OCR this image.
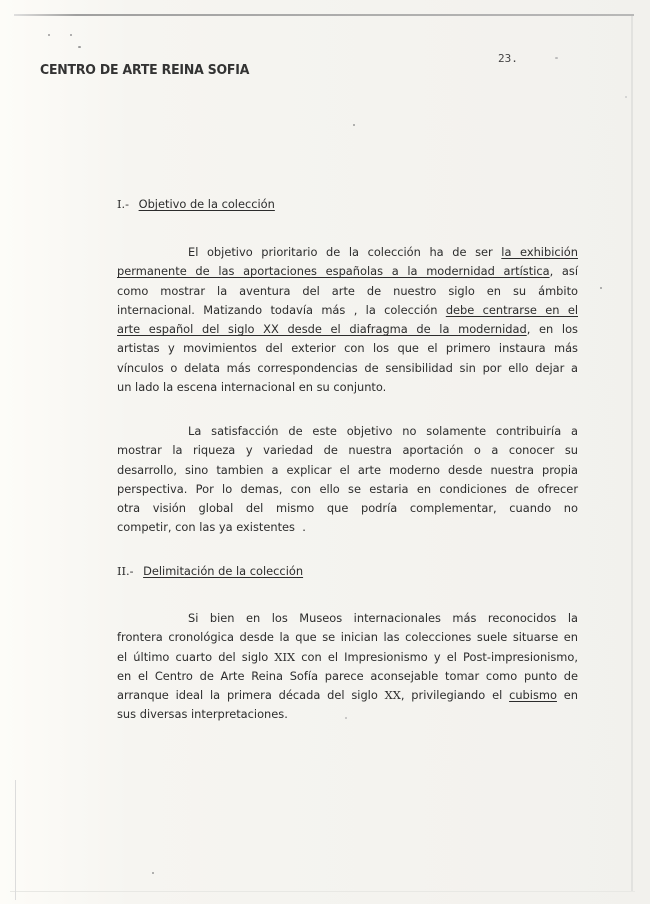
CENTRO DE ARTE REINA SOFIA
23.
I.- Objetivo de la colección
El objetivo prioritario de la colección ha de ser la exhibición
permanente de las aportaciones españolas a la modernidad artística, así
como mostrar la aventura del arte de nuestro siglo en su ámbito
internacional. Matizando todavía más , la colección debe centrarse en el
arte español del siglo XX desde el diafragma de la modernidad, en los
artistas y movimientos del exterior con los que el primero instaura más
vínculos o delata más correspondencias de sensibilidad sin por ello dejar a
un lado la escena internacional en su conjunto.
La satisfacción de este objetivo no solamente contribuiría a
mostrar la riqueza y variedad de nuestra aportación o a conocer su
desarrollo, sino tambien a explicar el arte moderno desde nuestra propia
perspectiva. Por lo demas, con ello se estaria en condiciones de ofrecer
otra visión global del mismo que podría complementar, cuando no
competir, con las ya existentes  .
II.- Delimitación de la colección
Si bien en los Museos internacionales más reconocidos la
frontera cronológica desde la que se inician las colecciones suele situarse en
el último cuarto del siglo XIX con el Impresionismo y el Post-impresionismo,
en el Centro de Arte Reina Sofía parece aconsejable tomar como punto de
arranque ideal la primera década del siglo XX, privilegiando el cubismo en
sus diversas interpretaciones.
